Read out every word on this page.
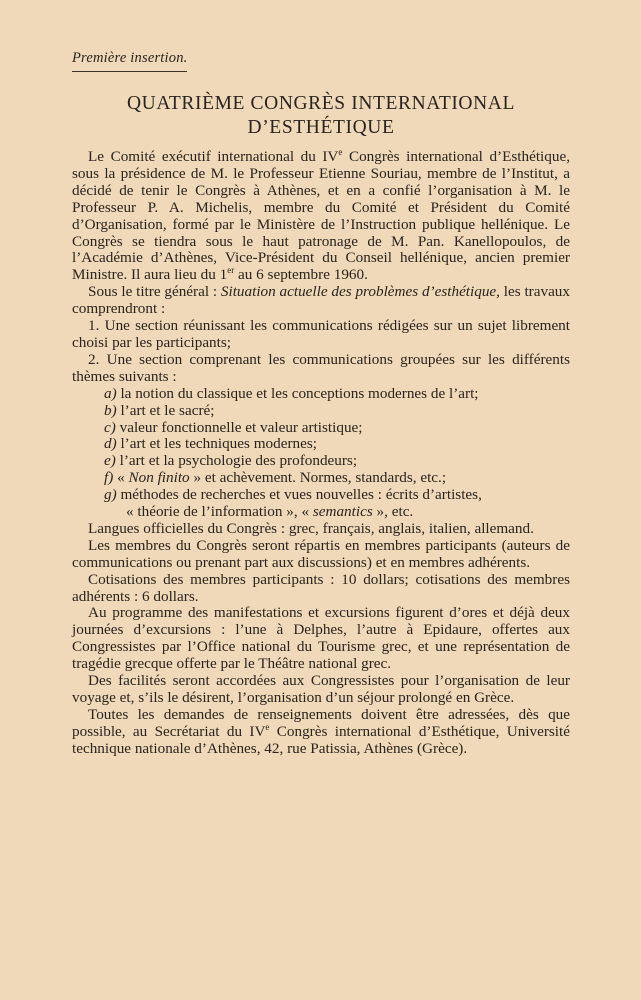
Première insertion.
QUATRIÈME CONGRÈS INTERNATIONAL
D’ESTHÉTIQUE

Le Comité exécutif international du IVe Congrès international d’Esthétique, sous la présidence de M. le Professeur Etienne Souriau, membre de l’Institut, a décidé de tenir le Congrès à Athènes, et en a confié l’organisation à M. le Professeur P. A. Michelis, membre du Comité et Président du Comité d’Organisation, formé par le Ministère de l’Instruction publique hellénique. Le Congrès se tiendra sous le haut patronage de M. Pan. Kanellopoulos, de l’Académie d’Athènes, Vice-Président du Conseil hellénique, ancien premier Ministre. Il aura lieu du 1er au 6 septembre 1960.

Sous le titre général : Situation actuelle des problèmes d’esthétique, les travaux comprendront :

1. Une section réunissant les communications rédigées sur un sujet librement choisi par les participants;

2. Une section comprenant les communications groupées sur les différents thèmes suivants :

a) la notion du classique et les conceptions modernes de l’art;

b) l’art et le sacré;

c) valeur fonctionnelle et valeur artistique;

d) l’art et les techniques modernes;

e) l’art et la psychologie des profondeurs;

f) « Non finito » et achèvement. Normes, standards, etc.;

g) méthodes de recherches et vues nouvelles : écrits d’artistes,

« théorie de l’information », « semantics », etc.

Langues officielles du Congrès : grec, français, anglais, italien, allemand.

Les membres du Congrès seront répartis en membres participants (auteurs de communications ou prenant part aux discussions) et en membres adhérents.

Cotisations des membres participants : 10 dollars; cotisations des membres adhérents : 6 dollars.

Au programme des manifestations et excursions figurent d’ores et déjà deux journées d’excursions : l’une à Delphes, l’autre à Epidaure, offertes aux Congressistes par l’Office national du Tourisme grec, et une représentation de tragédie grecque offerte par le Théâtre national grec.

Des facilités seront accordées aux Congressistes pour l’organisation de leur voyage et, s’ils le désirent, l’organisation d’un séjour prolongé en Grèce.

Toutes les demandes de renseignements doivent être adressées, dès que possible, au Secrétariat du IVe Congrès international d’Esthétique, Université technique nationale d’Athènes, 42, rue Patissia, Athènes (Grèce).
